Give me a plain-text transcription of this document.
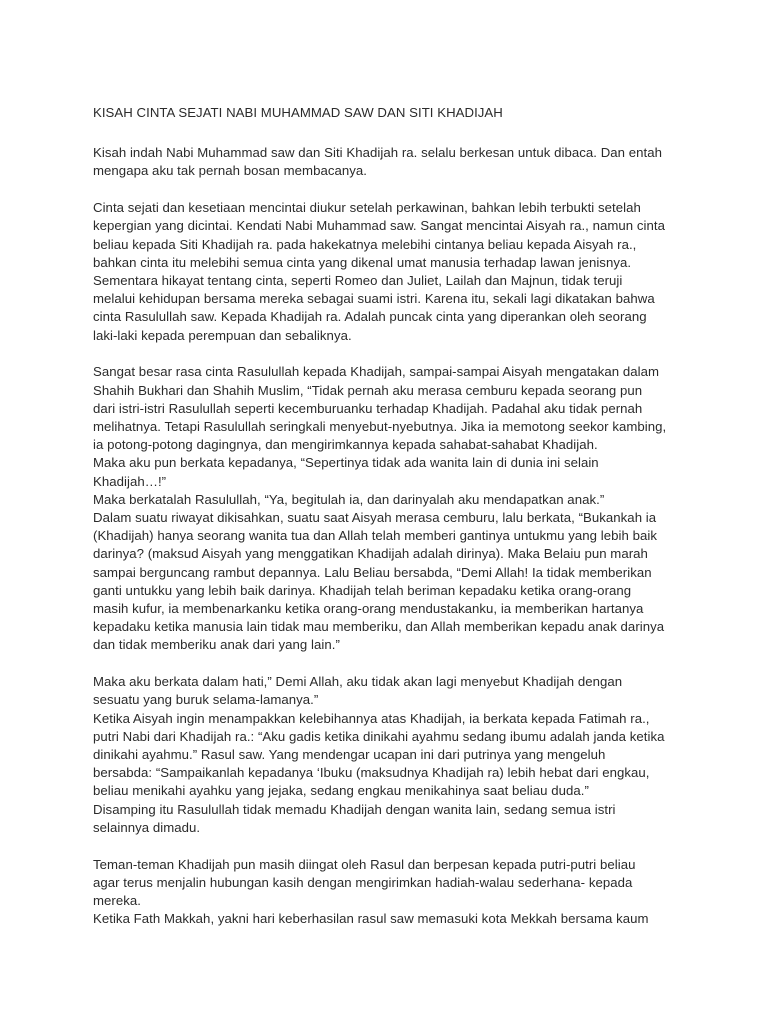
KISAH CINTA SEJATI NABI MUHAMMAD SAW DAN SITI KHADIJAH
Kisah indah Nabi Muhammad saw dan Siti Khadijah ra. selalu berkesan untuk dibaca. Dan entah
mengapa aku tak pernah bosan membacanya.
Cinta sejati dan kesetiaan mencintai diukur setelah perkawinan, bahkan lebih terbukti setelah
kepergian yang dicintai. Kendati Nabi Muhammad saw. Sangat mencintai Aisyah ra., namun cinta
beliau kepada Siti Khadijah ra. pada hakekatnya melebihi cintanya beliau kepada Aisyah ra.,
bahkan cinta itu melebihi semua cinta yang dikenal umat manusia terhadap lawan jenisnya.
Sementara hikayat tentang cinta, seperti Romeo dan Juliet, Lailah dan Majnun, tidak teruji
melalui kehidupan bersama mereka sebagai suami istri. Karena itu, sekali lagi dikatakan bahwa
cinta Rasulullah saw. Kepada Khadijah ra. Adalah puncak cinta yang diperankan oleh seorang
laki-laki kepada perempuan dan sebaliknya.
Sangat besar rasa cinta Rasulullah kepada Khadijah, sampai-sampai Aisyah mengatakan dalam
Shahih Bukhari dan Shahih Muslim, “Tidak pernah aku merasa cemburu kepada seorang pun
dari istri-istri Rasulullah seperti kecemburuanku terhadap Khadijah. Padahal aku tidak pernah
melihatnya. Tetapi Rasulullah seringkali menyebut-nyebutnya. Jika ia memotong seekor kambing,
ia potong-potong dagingnya, dan mengirimkannya kepada sahabat-sahabat Khadijah.
Maka aku pun berkata kepadanya, “Sepertinya tidak ada wanita lain di dunia ini selain
Khadijah…!”
Maka berkatalah Rasulullah, “Ya, begitulah ia, dan darinyalah aku mendapatkan anak.”
Dalam suatu riwayat dikisahkan, suatu saat Aisyah merasa cemburu, lalu berkata, “Bukankah ia
(Khadijah) hanya seorang wanita tua dan Allah telah memberi gantinya untukmu yang lebih baik
darinya? (maksud Aisyah yang menggatikan Khadijah adalah dirinya). Maka Belaiu pun marah
sampai berguncang rambut depannya. Lalu Beliau bersabda, “Demi Allah! Ia tidak memberikan
ganti untukku yang lebih baik darinya. Khadijah telah beriman kepadaku ketika orang-orang
masih kufur, ia membenarkanku ketika orang-orang mendustakanku, ia memberikan hartanya
kepadaku ketika manusia lain tidak mau memberiku, dan Allah memberikan kepadu anak darinya
dan tidak memberiku anak dari yang lain.”
Maka aku berkata dalam hati,” Demi Allah, aku tidak akan lagi menyebut Khadijah dengan
sesuatu yang buruk selama-lamanya.”
Ketika Aisyah ingin menampakkan kelebihannya atas Khadijah, ia berkata kepada Fatimah ra.,
putri Nabi dari Khadijah ra.: “Aku gadis ketika dinikahi ayahmu sedang ibumu adalah janda ketika
dinikahi ayahmu.” Rasul saw. Yang mendengar ucapan ini dari putrinya yang mengeluh
bersabda: “Sampaikanlah kepadanya ‘Ibuku (maksudnya Khadijah ra) lebih hebat dari engkau,
beliau menikahi ayahku yang jejaka, sedang engkau menikahinya saat beliau duda.”
Disamping itu Rasulullah tidak memadu Khadijah dengan wanita lain, sedang semua istri
selainnya dimadu.
Teman-teman Khadijah pun masih diingat oleh Rasul dan berpesan kepada putri-putri beliau
agar terus menjalin hubungan kasih dengan mengirimkan hadiah-walau sederhana- kepada
mereka.
Ketika Fath Makkah, yakni hari keberhasilan rasul saw memasuki kota Mekkah bersama kaum
